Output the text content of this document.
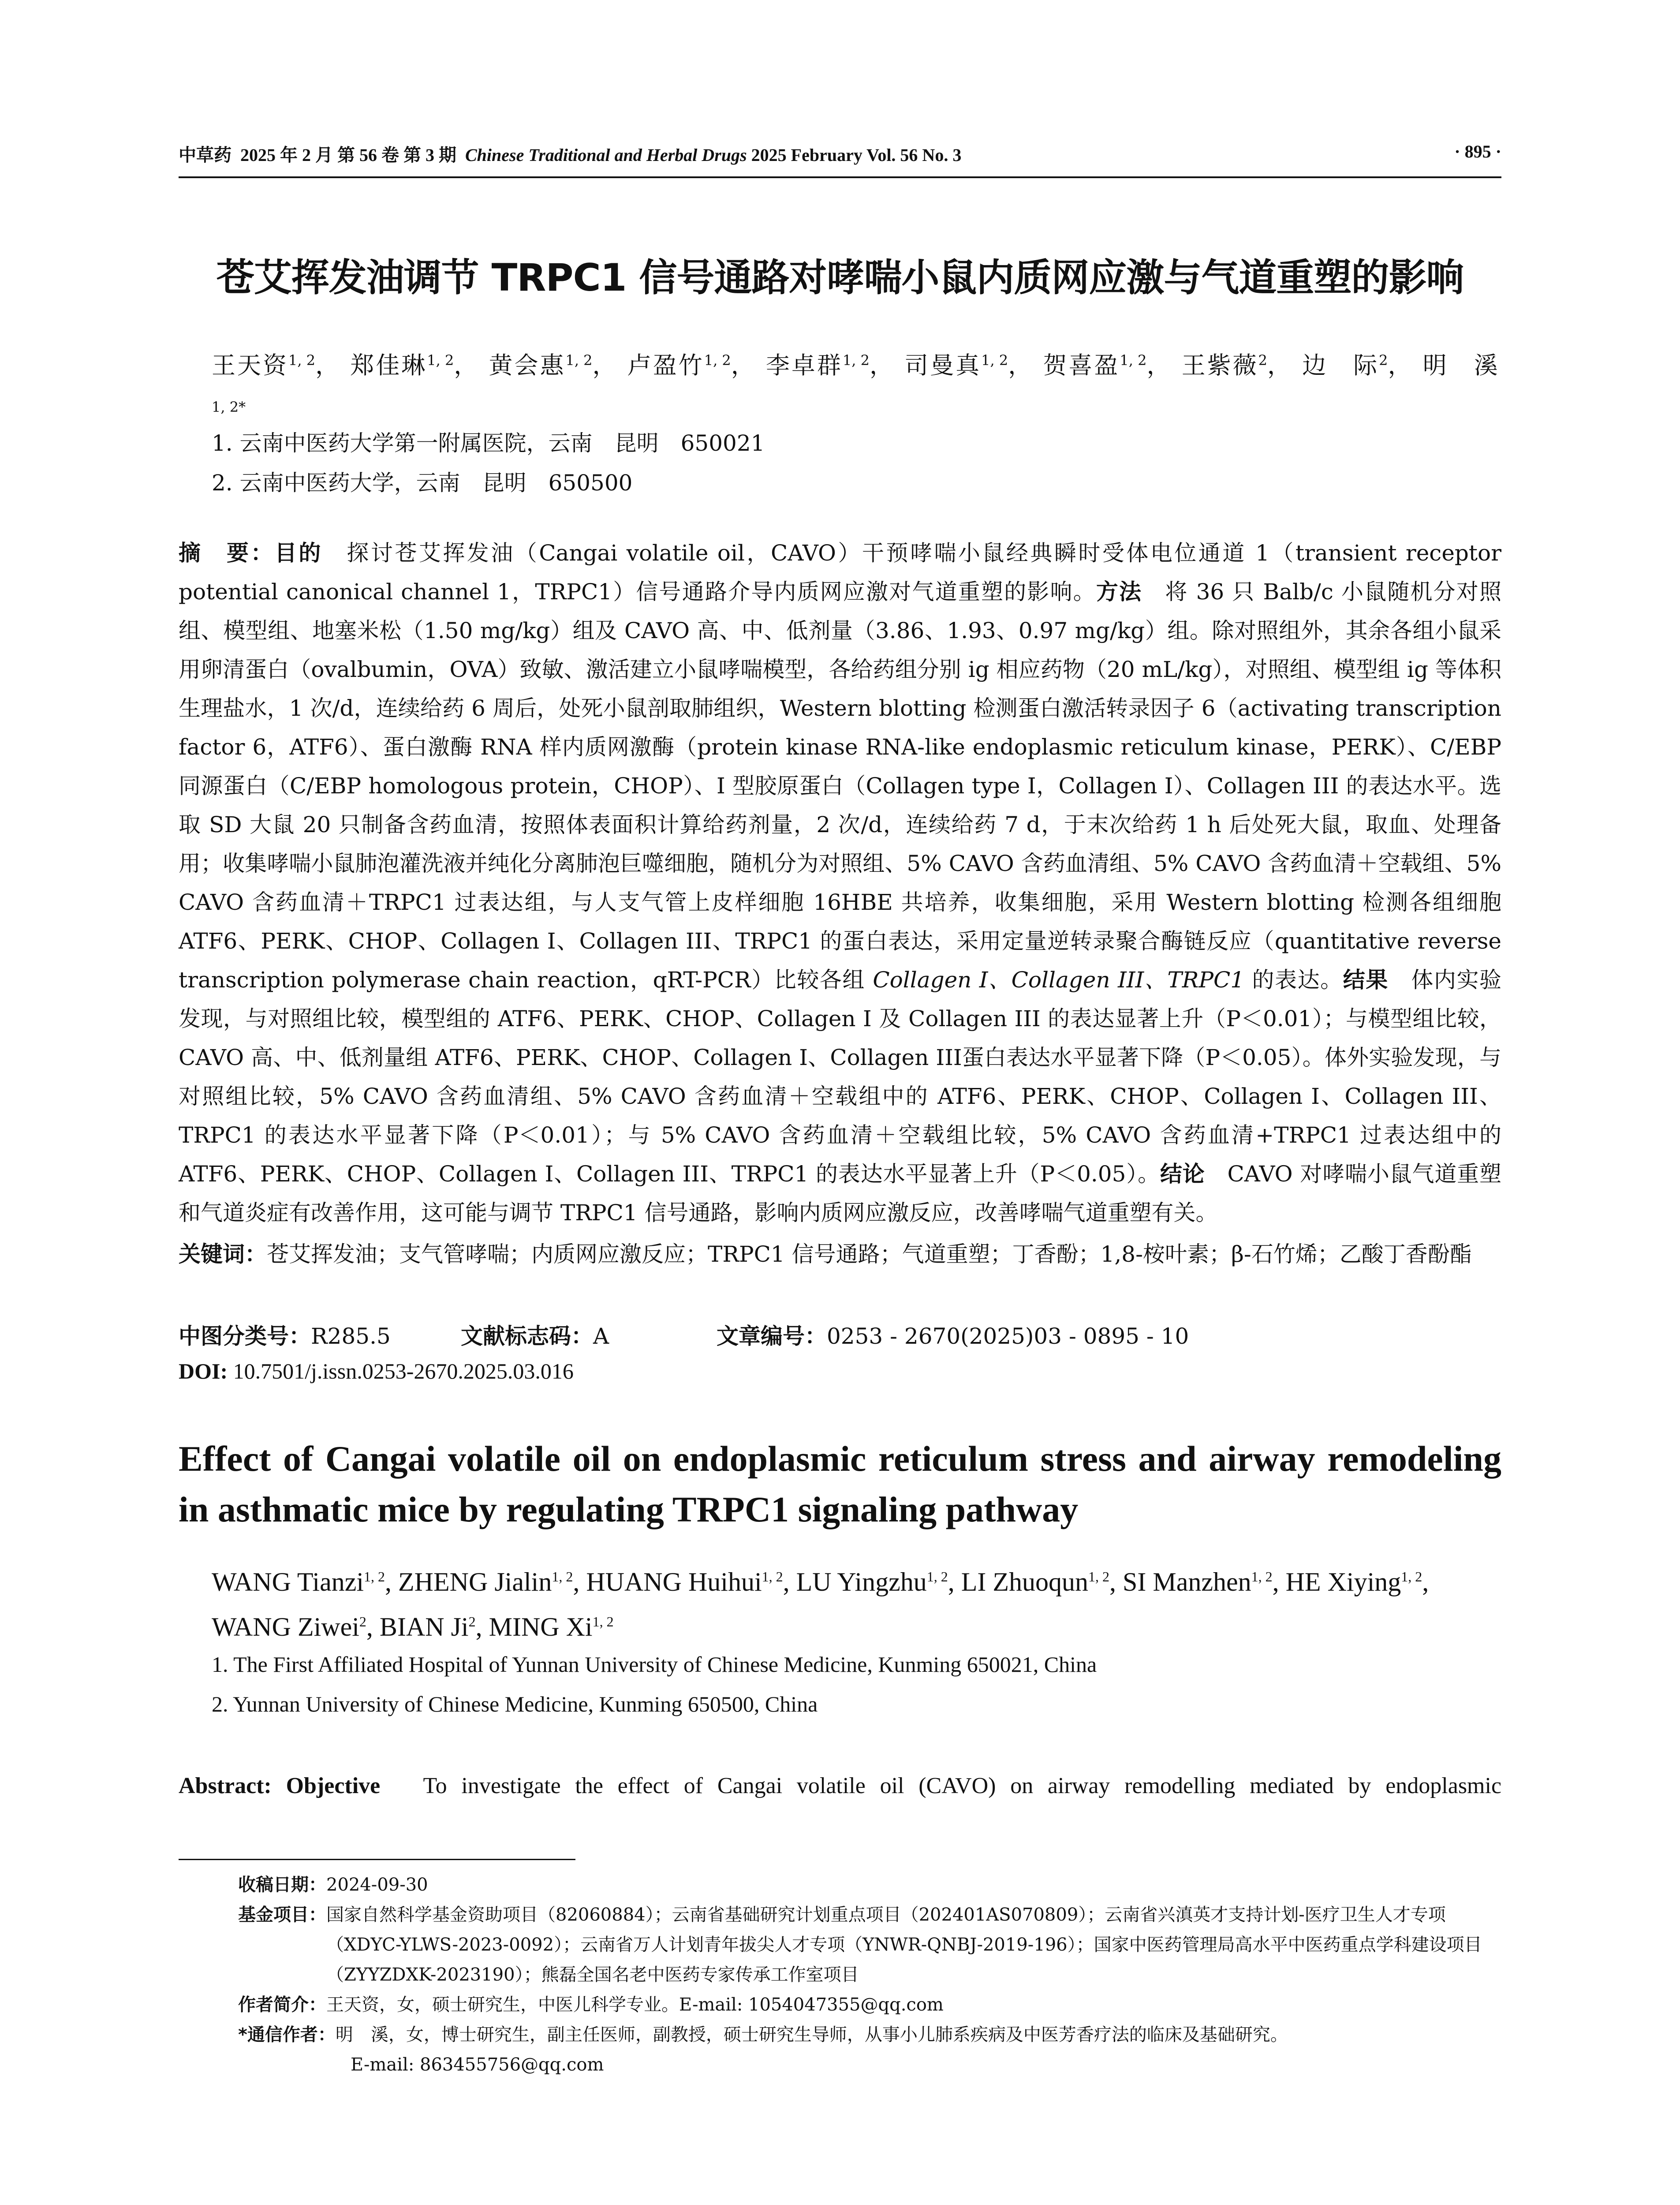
中草药 2025 年 2 月 第 56 卷 第 3 期 Chinese Traditional and Herbal Drugs 2025 February Vol. 56 No. 3	· 895 ·
苍艾挥发油调节 TRPC1 信号通路对哮喘小鼠内质网应激与气道重塑的影响
王天资$^{1, 2}$， 郑佳琳$^{1, 2}$， 黄会惠$^{1, 2}$， 卢盈竹$^{1, 2}$， 李卓群$^{1, 2}$， 司曼真$^{1, 2}$， 贺喜盈$^{1, 2}$， 王紫薇$^2$， 边　际$^2$， 明　溪$^{1, 2*}$
1. 云南中医药大学第一附属医院，云南　昆明　650021
2. 云南中医药大学，云南　昆明　650500
摘　要：目的　 探讨苍艾挥发油（Cangai volatile oil，CAVO）干预哮喘小鼠经典瞬时受体电位通道 1（transient receptor potential canonical channel 1，TRPC1）信号通路介导内质网应激对气道重塑的影响。方法　 将 36 只 Balb/c 小鼠随机分对照组、模型组、地塞米松（1.50 mg/kg）组及 CAVO 高、中、低剂量（3.86、1.93、0.97 mg/kg）组。除对照组外，其余各组小鼠采用卵清蛋白（ovalbumin，OVA）致敏、激活建立小鼠哮喘模型，各给药组分别 ig 相应药物（20 mL/kg），对照组、模型组 ig 等体积生理盐水，1 次/d，连续给药 6 周后，处死小鼠剖取肺组织，Western blotting 检测蛋白激活转录因子 6（activating transcription factor 6，ATF6）、蛋白激酶 RNA 样内质网激酶（protein kinase RNA-like endoplasmic reticulum kinase，PERK）、C/EBP 同源蛋白（C/EBP homologous protein，CHOP）、I 型胶原蛋白（Collagen type I，Collagen I）、Collagen III 的表达水平。选取 SD 大鼠 20 只制备含药血清，按照体表面积计算给药剂量，2 次/d，连续给药 7 d，于末次给药 1 h 后处死大鼠，取血、处理备用；收集哮喘小鼠肺泡灌洗液并纯化分离肺泡巨噬细胞，随机分为对照组、5% CAVO 含药血清组、5% CAVO 含药血清＋空载组、5% CAVO 含药血清＋TRPC1 过表达组，与人支气管上皮样细胞 16HBE 共培养，收集细胞，采用 Western blotting 检测各组细胞 ATF6、PERK、CHOP、Collagen I、Collagen III、TRPC1 的蛋白表达，采用定量逆转录聚合酶链反应（quantitative reverse transcription polymerase chain reaction，qRT-PCR）比较各组 Collagen I、Collagen III、TRPC1 的表达。结果　 体内实验发现，与对照组比较，模型组的 ATF6、PERK、CHOP、Collagen I 及 Collagen III 的表达显著上升（P＜0.01）；与模型组比较，CAVO 高、中、低剂量组 ATF6、PERK、CHOP、Collagen I、Collagen III蛋白表达水平显著下降（P＜0.05）。体外实验发现，与对照组比较，5% CAVO 含药血清组、5% CAVO 含药血清＋空载组中的 ATF6、PERK、CHOP、Collagen I、Collagen III、TRPC1 的表达水平显著下降（P＜0.01）；与 5% CAVO 含药血清＋空载组比较，5% CAVO 含药血清+TRPC1 过表达组中的 ATF6、PERK、CHOP、Collagen I、Collagen III、TRPC1 的表达水平显著上升（P＜0.05）。结论　 CAVO 对哮喘小鼠气道重塑和气道炎症有改善作用，这可能与调节 TRPC1 信号通路，影响内质网应激反应，改善哮喘气道重塑有关。
关键词：苍艾挥发油；支气管哮喘；内质网应激反应；TRPC1 信号通路；气道重塑；丁香酚；1,8-桉叶素；β-石竹烯；乙酸丁香酚酯
中图分类号：R285.5	文献标志码：A	文章编号：0253 - 2670(2025)03 - 0895 - 10
DOI: 10.7501/j.issn.0253-2670.2025.03.016
Effect of Cangai volatile oil on endoplasmic reticulum stress and airway remodeling in asthmatic mice by regulating TRPC1 signaling pathway
WANG Tianzi$^{1, 2}$, ZHENG Jialin$^{1, 2}$, HUANG Huihui$^{1, 2}$, LU Yingzhu$^{1, 2}$, LI Zhuoqun$^{1, 2}$, SI Manzhen$^{1, 2}$, HE Xiying$^{1, 2}$, WANG Ziwei$^2$, BIAN Ji$^2$, MING Xi$^{1, 2}$
1. The First Affiliated Hospital of Yunnan University of Chinese Medicine, Kunming 650021, China
2. Yunnan University of Chinese Medicine, Kunming 650500, China
Abstract: Objective To investigate the effect of Cangai volatile oil (CAVO) on airway remodelling mediated by endoplasmic
收稿日期： 2024-09-30
基金项目： 国家自然科学基金资助项目（82060884）；云南省基础研究计划重点项目（202401AS070809）；云南省兴滇英才支持计划-医疗卫生人才专项（XDYC-YLWS-2023-0092）；云南省万人计划青年拔尖人才专项（YNWR-QNBJ-2019-196）；国家中医药管理局高水平中医药重点学科建设项目（ZYYZDXK-2023190）；熊磊全国名老中医药专家传承工作室项目
作者简介： 王天资，女，硕士研究生，中医儿科学专业。E-mail: 1054047355@qq.com
*通信作者： 明　溪，女，博士研究生，副主任医师，副教授，硕士研究生导师，从事小儿肺系疾病及中医芳香疗法的临床及基础研究。
E-mail: 863455756@qq.com
